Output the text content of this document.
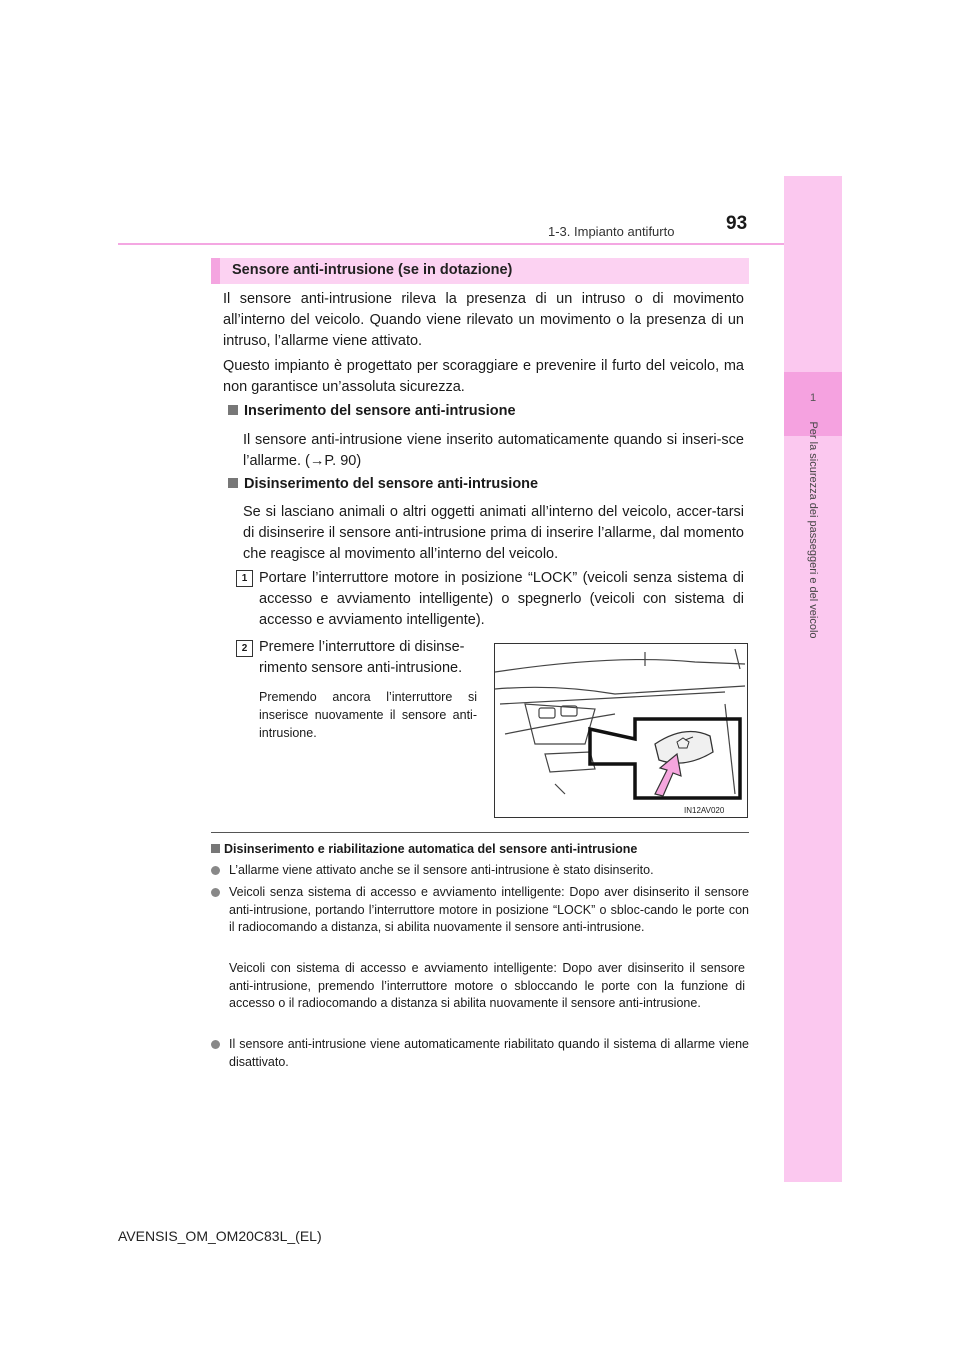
1
Per la sicurezza dei passeggeri e del veicolo
1-3. Impianto antifurto	93
Sensore anti-intrusione (se in dotazione)
Il sensore anti-intrusione rileva la presenza di un intruso o di movimento all’interno del veicolo. Quando viene rilevato un movimento o la presenza di un intruso, l’allarme viene attivato.
Questo impianto è progettato per scoraggiare e prevenire il furto del veicolo, ma non garantisce un’assoluta sicurezza.
Inserimento del sensore anti-intrusione
Il sensore anti-intrusione viene inserito automaticamente quando si inseri-sce l’allarme. (→P. 90)
Disinserimento del sensore anti-intrusione
Se si lasciano animali o altri oggetti animati all’interno del veicolo, accer-tarsi di disinserire il sensore anti-intrusione prima di inserire l’allarme, dal momento che reagisce al movimento all’interno del veicolo.
1 Portare l’interruttore motore in posizione “LOCK” (veicoli senza sistema di accesso e avviamento intelligente) o spegnerlo (veicoli con sistema di accesso e avviamento intelligente).
2 Premere l’interruttore di disinse-rimento sensore anti-intrusione.
Premendo ancora l’interruttore si inserisce nuovamente il sensore anti-intrusione.
IN12AV020
Disinserimento e riabilitazione automatica del sensore anti-intrusione
L’allarme viene attivato anche se il sensore anti-intrusione è stato disinserito.
Veicoli senza sistema di accesso e avviamento intelligente: Dopo aver disinserito il sensore anti-intrusione, portando l’interruttore motore in posizione “LOCK” o sbloc-cando le porte con il radiocomando a distanza, si abilita nuovamente il sensore anti-intrusione.
Veicoli con sistema di accesso e avviamento intelligente: Dopo aver disinserito il sensore anti-intrusione, premendo l’interruttore motore o sbloccando le porte con la funzione di accesso o il radiocomando a distanza si abilita nuovamente il sensore anti-intrusione.
Il sensore anti-intrusione viene automaticamente riabilitato quando il sistema di allarme viene disattivato.
AVENSIS_OM_OM20C83L_(EL)
